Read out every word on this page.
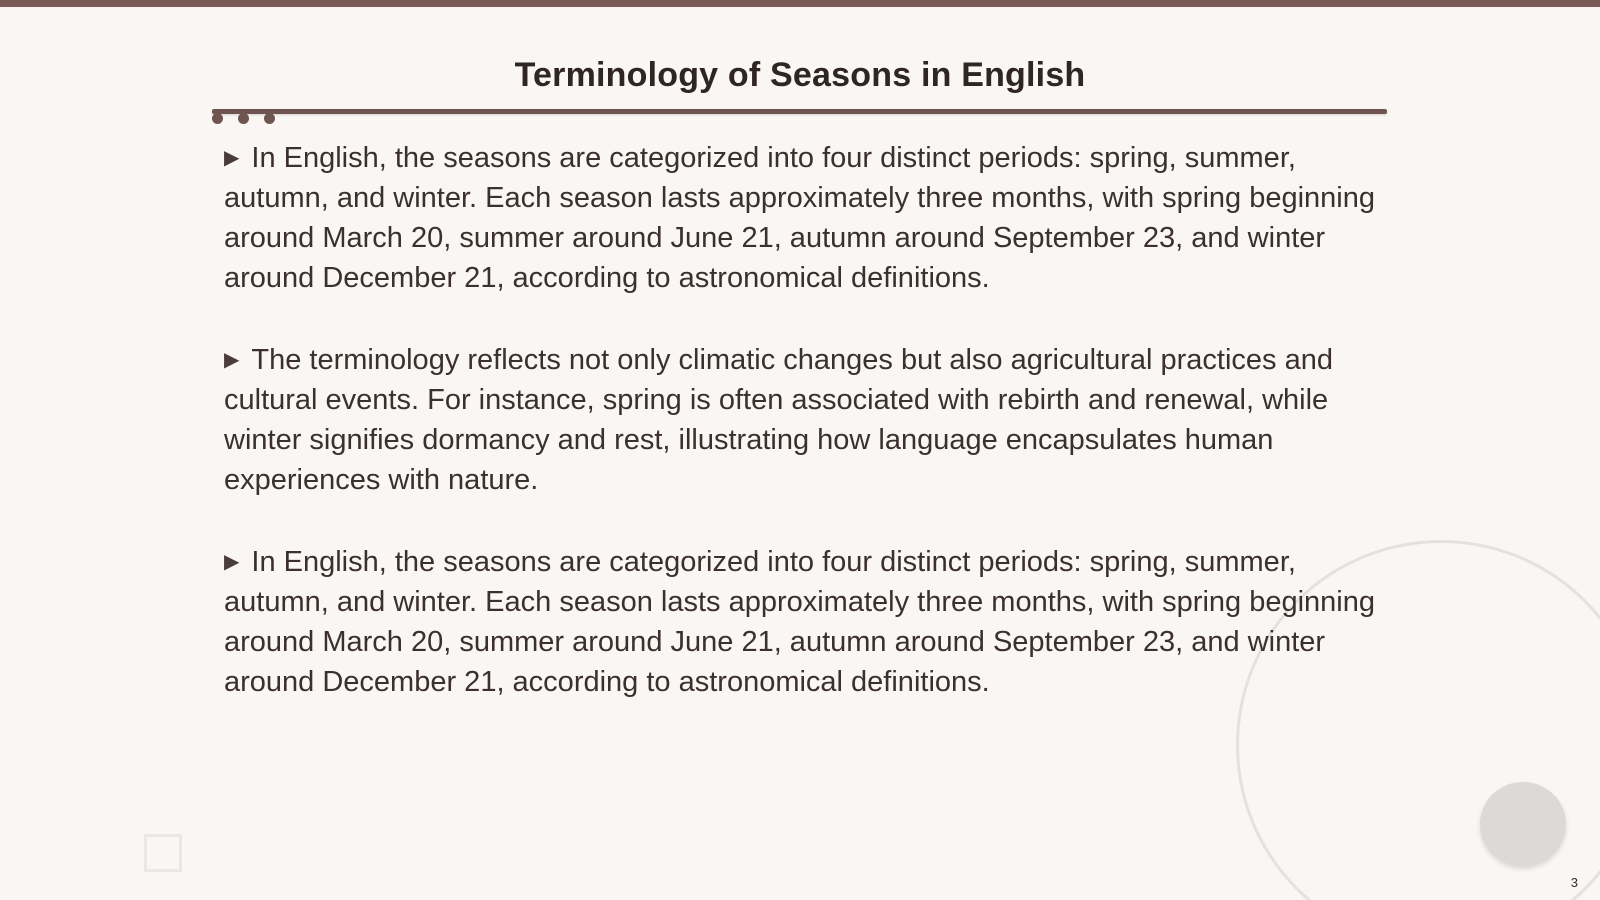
Terminology of Seasons in English

▶ In English, the seasons are categorized into four distinct periods: spring, summer, autumn, and winter. Each season lasts approximately three months, with spring beginning around March 20, summer around June 21, autumn around September 23, and winter around December 21, according to astronomical definitions.

▶ The terminology reflects not only climatic changes but also agricultural practices and cultural events. For instance, spring is often associated with rebirth and renewal, while winter signifies dormancy and rest, illustrating how language encapsulates human experiences with nature.

▶ In English, the seasons are categorized into four distinct periods: spring, summer, autumn, and winter. Each season lasts approximately three months, with spring beginning around March 20, summer around June 21, autumn around September 23, and winter around December 21, according to astronomical definitions.

3
